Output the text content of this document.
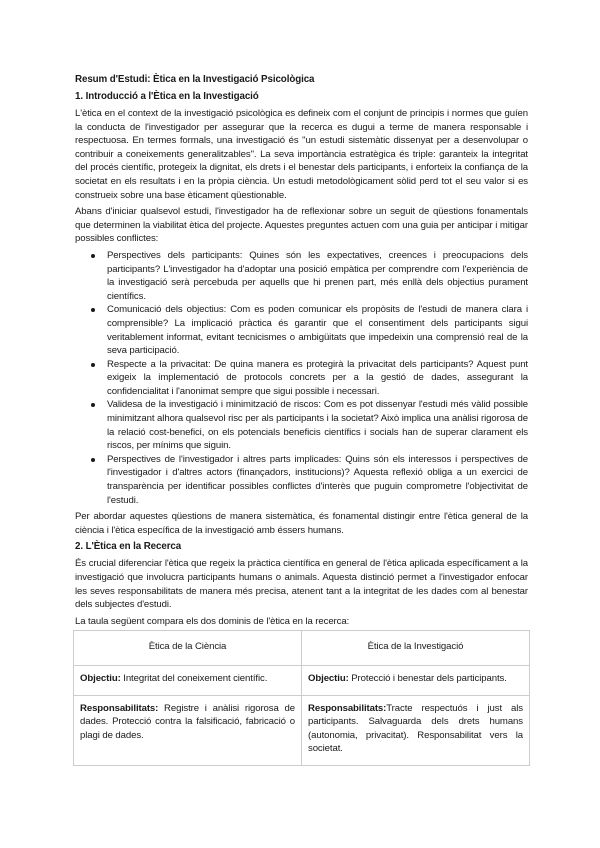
Resum d'Estudi: Ètica en la Investigació Psicològica
1. Introducció a l'Ètica en la Investigació

L'ètica en el context de la investigació psicològica es defineix com el conjunt de principis i normes que guíen la conducta de l'investigador per assegurar que la recerca es dugui a terme de manera responsable i respectuosa. En termes formals, una investigació és "un estudi sistemàtic dissenyat per a desenvolupar o contribuir a coneixements generalitzables". La seva importància estratègica és triple: garanteix la integritat del procés científic, protegeix la dignitat, els drets i el benestar dels participants, i enforteix la confiança de la societat en els resultats i en la pròpia ciència. Un estudi metodològicament sòlid perd tot el seu valor si es construeix sobre una base èticament qüestionable.

Abans d'iniciar qualsevol estudi, l'investigador ha de reflexionar sobre un seguit de qüestions fonamentals que determinen la viabilitat ètica del projecte. Aquestes preguntes actuen com una guia per anticipar i mitigar possibles conflictes:

Perspectives dels participants: Quines són les expectatives, creences i preocupacions dels participants? L'investigador ha d'adoptar una posició empàtica per comprendre com l'experiència de la investigació serà percebuda per aquells que hi prenen part, més enllà dels objectius purament científics.
Comunicació dels objectius: Com es poden comunicar els propòsits de l'estudi de manera clara i comprensible? La implicació pràctica és garantir que el consentiment dels participants sigui veritablement informat, evitant tecnicismes o ambigüitats que impedeixin una comprensió real de la seva participació.
Respecte a la privacitat: De quina manera es protegirà la privacitat dels participants? Aquest punt exigeix la implementació de protocols concrets per a la gestió de dades, assegurant la confidencialitat i l'anonimat sempre que sigui possible i necessari.
Validesa de la investigació i minimització de riscos: Com es pot dissenyar l'estudi més vàlid possible minimitzant alhora qualsevol risc per als participants i la societat? Això implica una anàlisi rigorosa de la relació cost-benefici, on els potencials beneficis científics i socials han de superar clarament els riscos, per mínims que siguin.
Perspectives de l'investigador i altres parts implicades: Quins són els interessos i perspectives de l'investigador i d'altres actors (finançadors, institucions)? Aquesta reflexió obliga a un exercici de transparència per identificar possibles conflictes d'interès que puguin comprometre l'objectivitat de l'estudi.

Per abordar aquestes qüestions de manera sistemàtica, és fonamental distingir entre l'ètica general de la ciència i l'ètica específica de la investigació amb éssers humans.

2. L'Ètica en la Recerca

És crucial diferenciar l'ètica que regeix la pràctica científica en general de l'ètica aplicada específicament a la investigació que involucra participants humans o animals. Aquesta distinció permet a l'investigador enfocar les seves responsabilitats de manera més precisa, atenent tant a la integritat de les dades com al benestar dels subjectes d'estudi.

La taula següent compara els dos dominis de l'ètica en la recerca:

Ètica de la Ciència	Ètica de la Investigació
Objectiu: Integritat del coneixement científic.	Objectiu: Protecció i benestar dels participants.
Responsabilitats: Registre i anàlisi rigorosa de dades. Protecció contra la falsificació, fabricació o plagi de dades.	Responsabilitats:Tracte respectuós i just als participants. Salvaguarda dels drets humans (autonomia, privacitat). Responsabilitat vers la societat.
